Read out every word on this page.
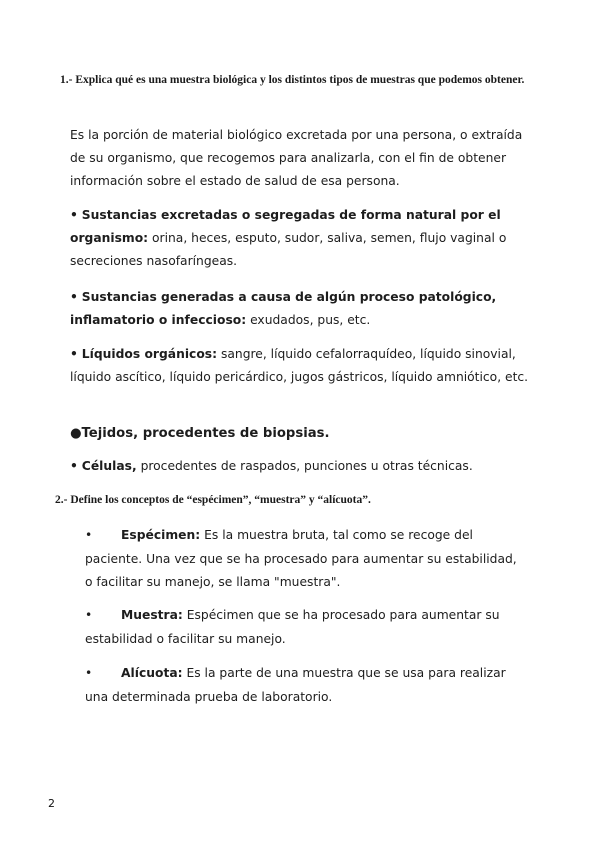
1.- Explica qué es una muestra biológica y los distintos tipos de muestras que podemos obtener.

Es la porción de material biológico excretada por una persona, o extraída de su organismo, que recogemos para analizarla, con el fin de obtener información sobre el estado de salud de esa persona.

• Sustancias excretadas o segregadas de forma natural por el organismo: orina, heces, esputo, sudor, saliva, semen, flujo vaginal o secreciones nasofaríngeas.

• Sustancias generadas a causa de algún proceso patológico, inflamatorio o infeccioso: exudados, pus, etc.

• Líquidos orgánicos: sangre, líquido cefalorraquídeo, líquido sinovial, líquido ascítico, líquido pericárdico, jugos gástricos, líquido amniótico, etc.

●Tejidos, procedentes de biopsias.

• Células, procedentes de raspados, punciones u otras técnicas.

2.- Define los conceptos de “espécimen”, “muestra” y “alícuota”.

• Espécimen: Es la muestra bruta, tal como se recoge del paciente. Una vez que se ha procesado para aumentar su estabilidad, o facilitar su manejo, se llama "muestra".

• Muestra: Espécimen que se ha procesado para aumentar su estabilidad o facilitar su manejo.

• Alícuota: Es la parte de una muestra que se usa para realizar una determinada prueba de laboratorio.

2
